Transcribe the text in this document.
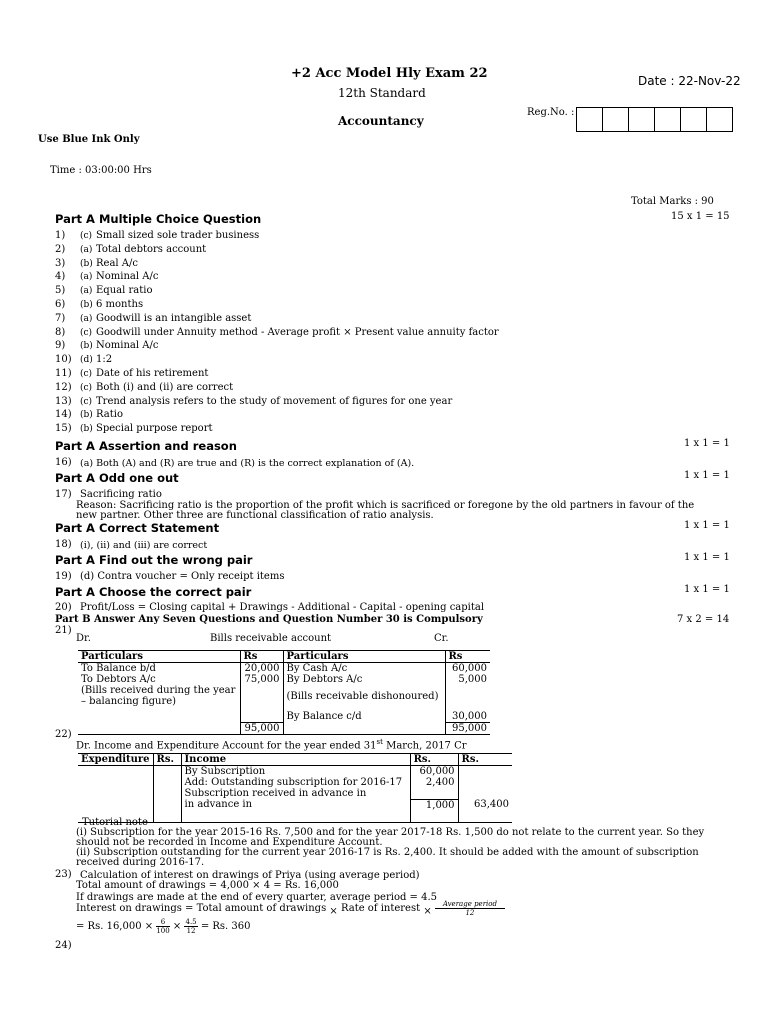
+2 Acc Model Hly Exam 22
12th Standard
Accountancy
Date : 22-Nov-22
Reg.No. :
Use Blue Ink Only
Time : 03:00:00 Hrs
Total Marks : 90
Part A Multiple Choice Question	15 x 1 = 15
1) (c) Small sized sole trader business
2) (a) Total debtors account
3) (b) Real A/c
4) (a) Nominal A/c
5) (a) Equal ratio
6) (b) 6 months
7) (a) Goodwill is an intangible asset
8) (c) Goodwill under Annuity method - Average profit × Present value annuity factor
9) (b) Nominal A/c
10) (d) 1:2
11) (c) Date of his retirement
12) (c) Both (i) and (ii) are correct
13) (c) Trend analysis refers to the study of movement of figures for one year
14) (b) Ratio
15) (b) Special purpose report
Part A Assertion and reason	1 x 1 = 1
16) (a) Both (A) and (R) are true and (R) is the correct explanation of (A).
Part A Odd one out	1 x 1 = 1
17) Sacrificing ratio
Reason: Sacrificing ratio is the proportion of the profit which is sacrificed or foregone by the old partners in favour of the
new partner. Other three are functional classification of ratio analysis.
Part A Correct Statement	1 x 1 = 1
18) (i), (ii) and (iii) are correct
Part A Find out the wrong pair	1 x 1 = 1
19) (d) Contra voucher = Only receipt items
Part A Choose the correct pair	1 x 1 = 1
20) Profit/Loss = Closing capital + Drawings - Additional - Capital - opening capital
Part B Answer Any Seven Questions and Question Number 30 is Compulsory	7 x 2 = 14
21)
Dr.	Bills receivable account	Cr.
Particulars	Rs	Particulars	Rs
To Balance b/d	20,000	By Cash A/c	60,000
To Debtors A/c	75,000	By Debtors A/c	5,000
(Bills received during the year – balancing figure)		(Bills receivable dishonoured)	
		By Balance c/d	30,000
	95,000		95,000
22)
Dr. Income and Expenditure Account for the year ended 31st March, 2017 Cr
Expenditure	Rs.	Income	Rs.	Rs.
		By Subscription	60,000	
		Add: Outstanding subscription for 2016-17	2,400	
		Subscription received in advance in		
		in advance in	1,000	63,400

Tutorial note
(i) Subscription for the year 2015-16 Rs. 7,500 and for the year 2017-18 Rs. 1,500 do not relate to the current year. So they
should not be recorded in Income and Expenditure Account.
(ii) Subscription outstanding for the current year 2016-17 is Rs. 2,400. It should be added with the amount of subscription
received during 2016-17.
23) Calculation of interest on drawings of Priya (using average period)
Total amount of drawings = 4,000 × 4 = Rs. 16,000
If drawings are made at the end of every quarter, average period = 4.5
Interest on drawings = Total amount of drawings × Rate of interest × $\frac{\text{Average period}}{12}$
= Rs. $16,000 \times \frac{6}{100} \times \frac{4.5}{12} = Rs$. 360
24)
